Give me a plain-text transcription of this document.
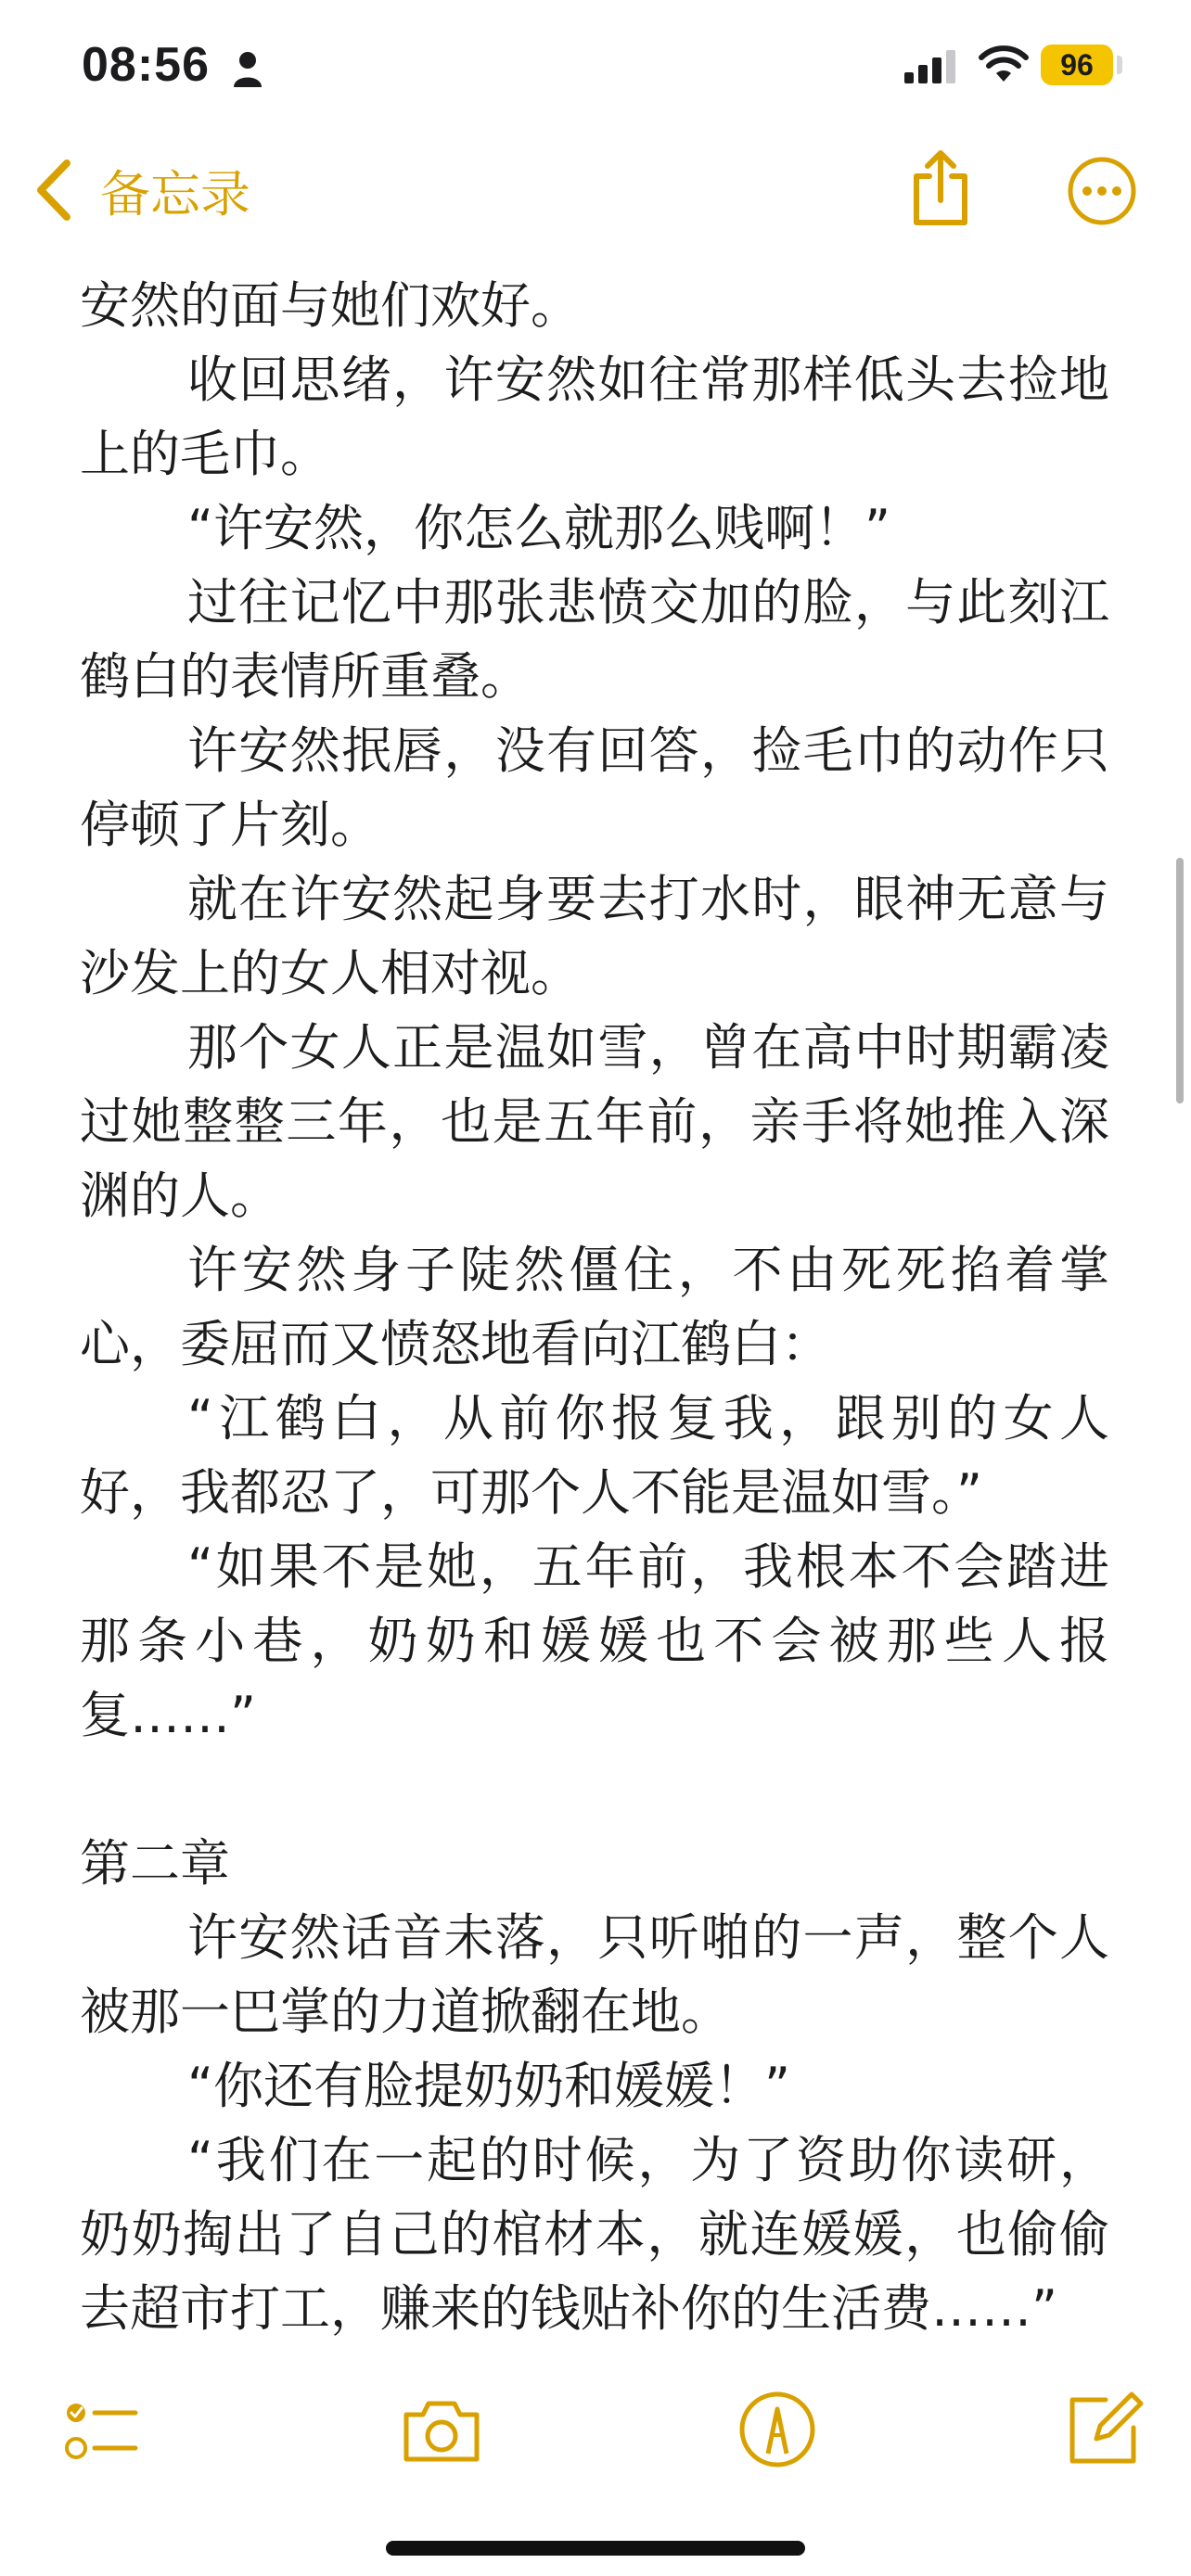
08:56	96
备忘录

安然的面与她们欢好。

收回思绪，许安然如往常那样低头去捡地上的毛巾。

“许安然，你怎么就那么贱啊！”

过往记忆中那张悲愤交加的脸，与此刻江鹤白的表情所重叠。

许安然抿唇，没有回答，捡毛巾的动作只停顿了片刻。

就在许安然起身要去打水时，眼神无意与沙发上的女人相对视。

那个女人正是温如雪，曾在高中时期霸凌过她整整三年，也是五年前，亲手将她推入深渊的人。

许安然身子陡然僵住，不由死死掐着掌心，委屈而又愤怒地看向江鹤白：

“江鹤白，从前你报复我，跟别的女人好，我都忍了，可那个人不能是温如雪。”

“如果不是她，五年前，我根本不会踏进那条小巷，奶奶和媛媛也不会被那些人报复……”

第二章

许安然话音未落，只听啪的一声，整个人被那一巴掌的力道掀翻在地。

“你还有脸提奶奶和媛媛！”

“我们在一起的时候，为了资助你读研，奶奶掏出了自己的棺材本，就连媛媛，也偷偷去超市打工，赚来的钱贴补你的生活费……”
